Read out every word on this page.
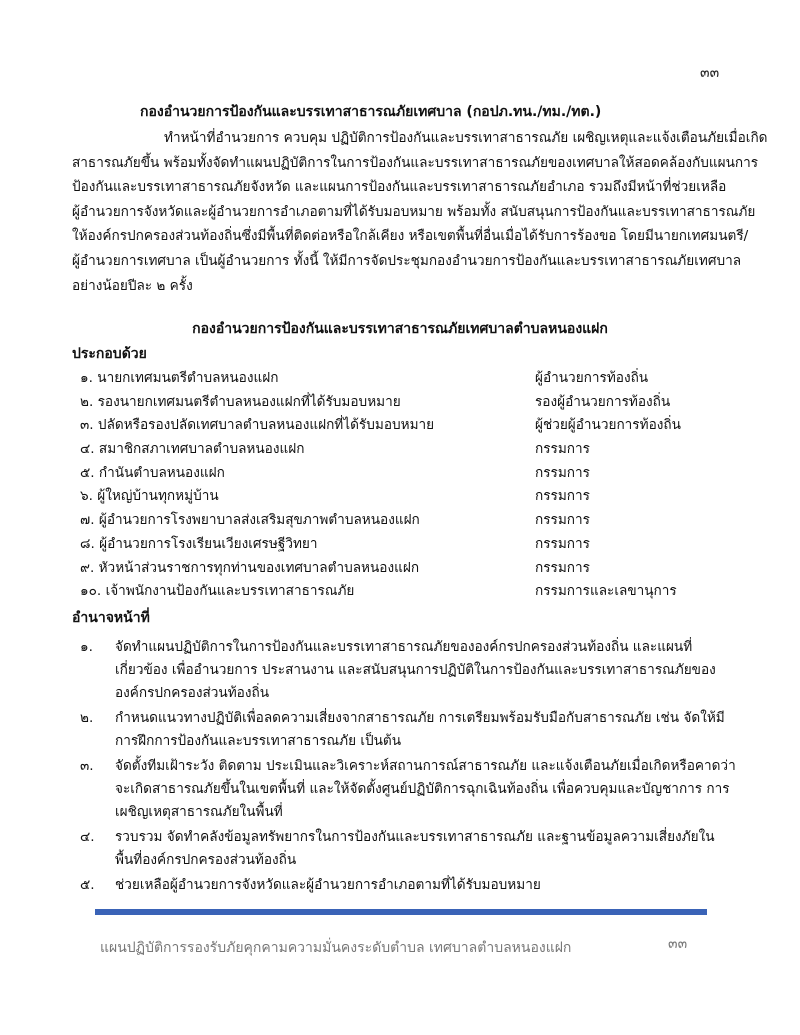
๓๓
กองอำนวยการป้องกันและบรรเทาสาธารณภัยเทศบาล (กอปภ.ทน./ทม./ทต.)

ทำหน้าที่อำนวยการ ควบคุม ปฏิบัติการป้องกันและบรรเทาสาธารณภัย เผชิญเหตุและแจ้งเตือนภัยเมื่อเกิด

สาธารณภัยขึ้น พร้อมทั้งจัดทำแผนปฏิบัติการในการป้องกันและบรรเทาสาธารณภัยของเทศบาลให้สอดคล้องกับแผนการ

ป้องกันและบรรเทาสาธารณภัยจังหวัด และแผนการป้องกันและบรรเทาสาธารณภัยอำเภอ รวมถึงมีหน้าที่ช่วยเหลือ

ผู้อำนวยการจังหวัดและผู้อำนวยการอำเภอตามที่ได้รับมอบหมาย พร้อมทั้ง สนับสนุนการป้องกันและบรรเทาสาธารณภัย

ให้องค์กรปกครองส่วนท้องถิ่นซึ่งมีพื้นที่ติดต่อหรือใกล้เคียง หรือเขตพื้นที่อื่นเมื่อได้รับการร้องขอ โดยมีนายกเทศมนตรี/

ผู้อำนวยการเทศบาล เป็นผู้อำนวยการ ทั้งนี้ ให้มีการจัดประชุมกองอำนวยการป้องกันและบรรเทาสาธารณภัยเทศบาล

อย่างน้อยปีละ ๒ ครั้ง

กองอำนวยการป้องกันและบรรเทาสาธารณภัยเทศบาลตำบลหนองแฝก
ประกอบด้วย
๑. นายกเทศมนตรีตำบลหนองแฝก	ผู้อำนวยการท้องถิ่น
๒. รองนายกเทศมนตรีตำบลหนองแฝกที่ได้รับมอบหมาย	รองผู้อำนวยการท้องถิ่น
๓. ปลัดหรือรองปลัดเทศบาลตำบลหนองแฝกที่ได้รับมอบหมาย	ผู้ช่วยผู้อำนวยการท้องถิ่น
๔. สมาชิกสภาเทศบาลตำบลหนองแฝก	กรรมการ
๕. กำนันตำบลหนองแฝก	กรรมการ
๖. ผู้ใหญ่บ้านทุกหมู่บ้าน	กรรมการ
๗. ผู้อำนวยการโรงพยาบาลส่งเสริมสุขภาพตำบลหนองแฝก	กรรมการ
๘. ผู้อำนวยการโรงเรียนเวียงเศรษฐีวิทยา	กรรมการ
๙. หัวหน้าส่วนราชการทุกท่านของเทศบาลตำบลหนองแฝก	กรรมการ
๑๐. เจ้าพนักงานป้องกันและบรรเทาสาธารณภัย	กรรมการและเลขานุการ
อำนาจหน้าที่
๑. จัดทำแผนปฏิบัติการในการป้องกันและบรรเทาสาธารณภัยขององค์กรปกครองส่วนท้องถิ่น และแผนที่เกี่ยวข้อง เพื่ออำนวยการ ประสานงาน และสนับสนุนการปฏิบัติในการป้องกันและบรรเทาสาธารณภัยขององค์กรปกครองส่วนท้องถิ่น
๒. กำหนดแนวทางปฏิบัติเพื่อลดความเสี่ยงจากสาธารณภัย การเตรียมพร้อมรับมือกับสาธารณภัย เช่น จัดให้มีการฝึกการป้องกันและบรรเทาสาธารณภัย เป็นต้น
๓. จัดตั้งทีมเฝ้าระวัง ติดตาม ประเมินและวิเคราะห์สถานการณ์สาธารณภัย และแจ้งเตือนภัยเมื่อเกิดหรือคาดว่าจะเกิดสาธารณภัยขึ้นในเขตพื้นที่ และให้จัดตั้งศูนย์ปฏิบัติการฉุกเฉินท้องถิ่น เพื่อควบคุมและบัญชาการ การเผชิญเหตุสาธารณภัยในพื้นที่
๔. รวบรวม จัดทำคลังข้อมูลทรัพยากรในการป้องกันและบรรเทาสาธารณภัย และฐานข้อมูลความเสี่ยงภัยในพื้นที่องค์กรปกครองส่วนท้องถิ่น
๕. ช่วยเหลือผู้อำนวยการจังหวัดและผู้อำนวยการอำเภอตามที่ได้รับมอบหมาย
แผนปฏิบัติการรองรับภัยคุกคามความมั่นคงระดับตำบล เทศบาลตำบลหนองแฝก	๓๓
